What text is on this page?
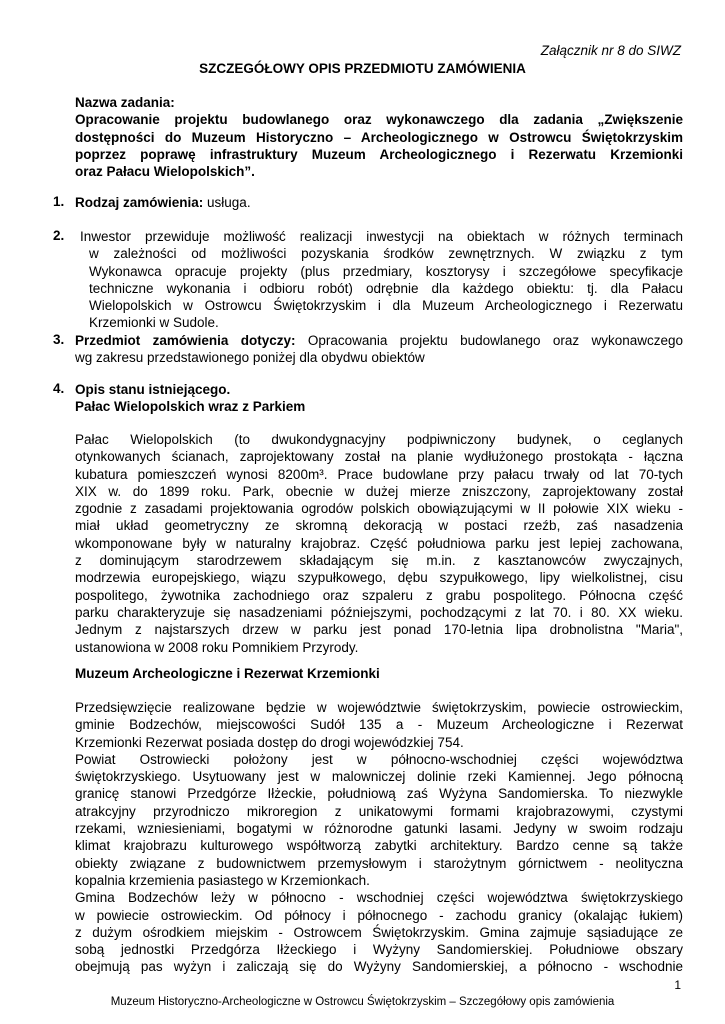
Załącznik nr 8 do SIWZ
SZCZEGÓŁOWY OPIS PRZEDMIOTU ZAMÓWIENIA
Nazwa zadania:
Opracowanie projektu budowlanego oraz wykonawczego dla zadania „Zwiększenie
dostępności do Muzeum Historyczno – Archeologicznego w Ostrowcu Świętokrzyskim
poprzez poprawę infrastruktury Muzeum Archeologicznego i Rezerwatu Krzemionki
oraz Pałacu Wielopolskich”.
1. Rodzaj zamówienia: usługa.
2. Inwestor przewiduje możliwość realizacji inwestycji na obiektach w różnych terminach
w zależności od możliwości pozyskania środków zewnętrznych. W związku z tym
Wykonawca opracuje projekty (plus przedmiary, kosztorysy i szczegółowe specyfikacje
techniczne wykonania i odbioru robót) odrębnie dla każdego obiektu: tj. dla Pałacu
Wielopolskich w Ostrowcu Świętokrzyskim i dla Muzeum Archeologicznego i Rezerwatu
Krzemionki w Sudole.
3. Przedmiot zamówienia dotyczy: Opracowania projektu budowlanego oraz wykonawczego
wg zakresu przedstawionego poniżej dla obydwu obiektów
4. Opis stanu istniejącego.
Pałac Wielopolskich wraz z Parkiem
Pałac Wielopolskich (to dwukondygnacyjny podpiwniczony budynek, o ceglanych
otynkowanych ścianach, zaprojektowany został na planie wydłużonego prostokąta - łączna
kubatura pomieszczeń wynosi 8200m³. Prace budowlane przy pałacu trwały od lat 70-tych
XIX w. do 1899 roku. Park, obecnie w dużej mierze zniszczony, zaprojektowany został
zgodnie z zasadami projektowania ogrodów polskich obowiązującymi w II połowie XIX wieku -
miał układ geometryczny ze skromną dekoracją w postaci rzeźb, zaś nasadzenia
wkomponowane były w naturalny krajobraz. Część południowa parku jest lepiej zachowana,
z dominującym starodrzewem składającym się m.in. z kasztanowców zwyczajnych,
modrzewia europejskiego, wiązu szypułkowego, dębu szypułkowego, lipy wielkolistnej, cisu
pospolitego, żywotnika zachodniego oraz szpaleru z grabu pospolitego. Północna część
parku charakteryzuje się nasadzeniami późniejszymi, pochodzącymi z lat 70. i 80. XX wieku.
Jednym z najstarszych drzew w parku jest ponad 170-letnia lipa drobnolistna "Maria",
ustanowiona w 2008 roku Pomnikiem Przyrody.
Muzeum Archeologiczne i Rezerwat Krzemionki
Przedsięwzięcie realizowane będzie w województwie świętokrzyskim, powiecie ostrowieckim,
gminie Bodzechów, miejscowości Sudół 135 a - Muzeum Archeologiczne i Rezerwat
Krzemionki Rezerwat posiada dostęp do drogi wojewódzkiej 754.
Powiat Ostrowiecki położony jest w północno-wschodniej części województwa
świętokrzyskiego. Usytuowany jest w malowniczej dolinie rzeki Kamiennej. Jego północną
granicę stanowi Przedgórze Iłżeckie, południową zaś Wyżyna Sandomierska. To niezwykle
atrakcyjny przyrodniczo mikroregion z unikatowymi formami krajobrazowymi, czystymi
rzekami, wzniesieniami, bogatymi w różnorodne gatunki lasami. Jedyny w swoim rodzaju
klimat krajobrazu kulturowego współtworzą zabytki architektury. Bardzo cenne są także
obiekty związane z budownictwem przemysłowym i starożytnym górnictwem - neolityczna
kopalnia krzemienia pasiastego w Krzemionkach.
Gmina Bodzechów leży w północno - wschodniej części województwa świętokrzyskiego
w powiecie ostrowieckim. Od północy i północnego - zachodu granicy (okalając łukiem)
z dużym ośrodkiem miejskim - Ostrowcem Świętokrzyskim. Gmina zajmuje sąsiadujące ze
sobą jednostki Przedgórza Iłżeckiego i Wyżyny Sandomierskiej. Południowe obszary
obejmują pas wyżyn i zaliczają się do Wyżyny Sandomierskiej, a północno - wschodnie
1
Muzeum Historyczno-Archeologiczne w Ostrowcu Świętokrzyskim – Szczegółowy opis zamówienia
